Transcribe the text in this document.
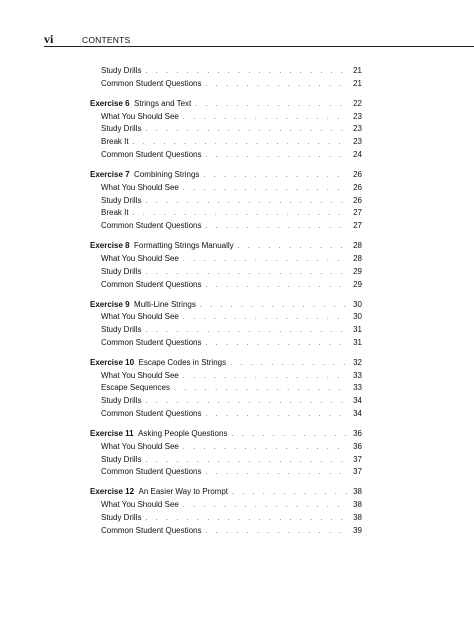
vi	CONTENTS
Study Drills . . .	21
Common Student Questions . . .	21
Exercise 6 Strings and Text . . .	22
What You Should See . . .	23
Study Drills . . .	23
Break It . . .	23
Common Student Questions . . .	24
Exercise 7 Combining Strings . . .	26
What You Should See . . .	26
Study Drills . . .	26
Break It . . .	27
Common Student Questions . . .	27
Exercise 8 Formatting Strings Manually . . .	28
What You Should See . . .	28
Study Drills . . .	29
Common Student Questions . . .	29
Exercise 9 Multi-Line Strings . . .	30
What You Should See . . .	30
Study Drills . . .	31
Common Student Questions . . .	31
Exercise 10 Escape Codes in Strings . . .	32
What You Should See . . .	33
Escape Sequences . . .	33
Study Drills . . .	34
Common Student Questions . . .	34
Exercise 11 Asking People Questions . . .	36
What You Should See . . .	36
Study Drills . . .	37
Common Student Questions . . .	37
Exercise 12 An Easier Way to Prompt . . .	38
What You Should See . . .	38
Study Drills . . .	38
Common Student Questions . . .	39
